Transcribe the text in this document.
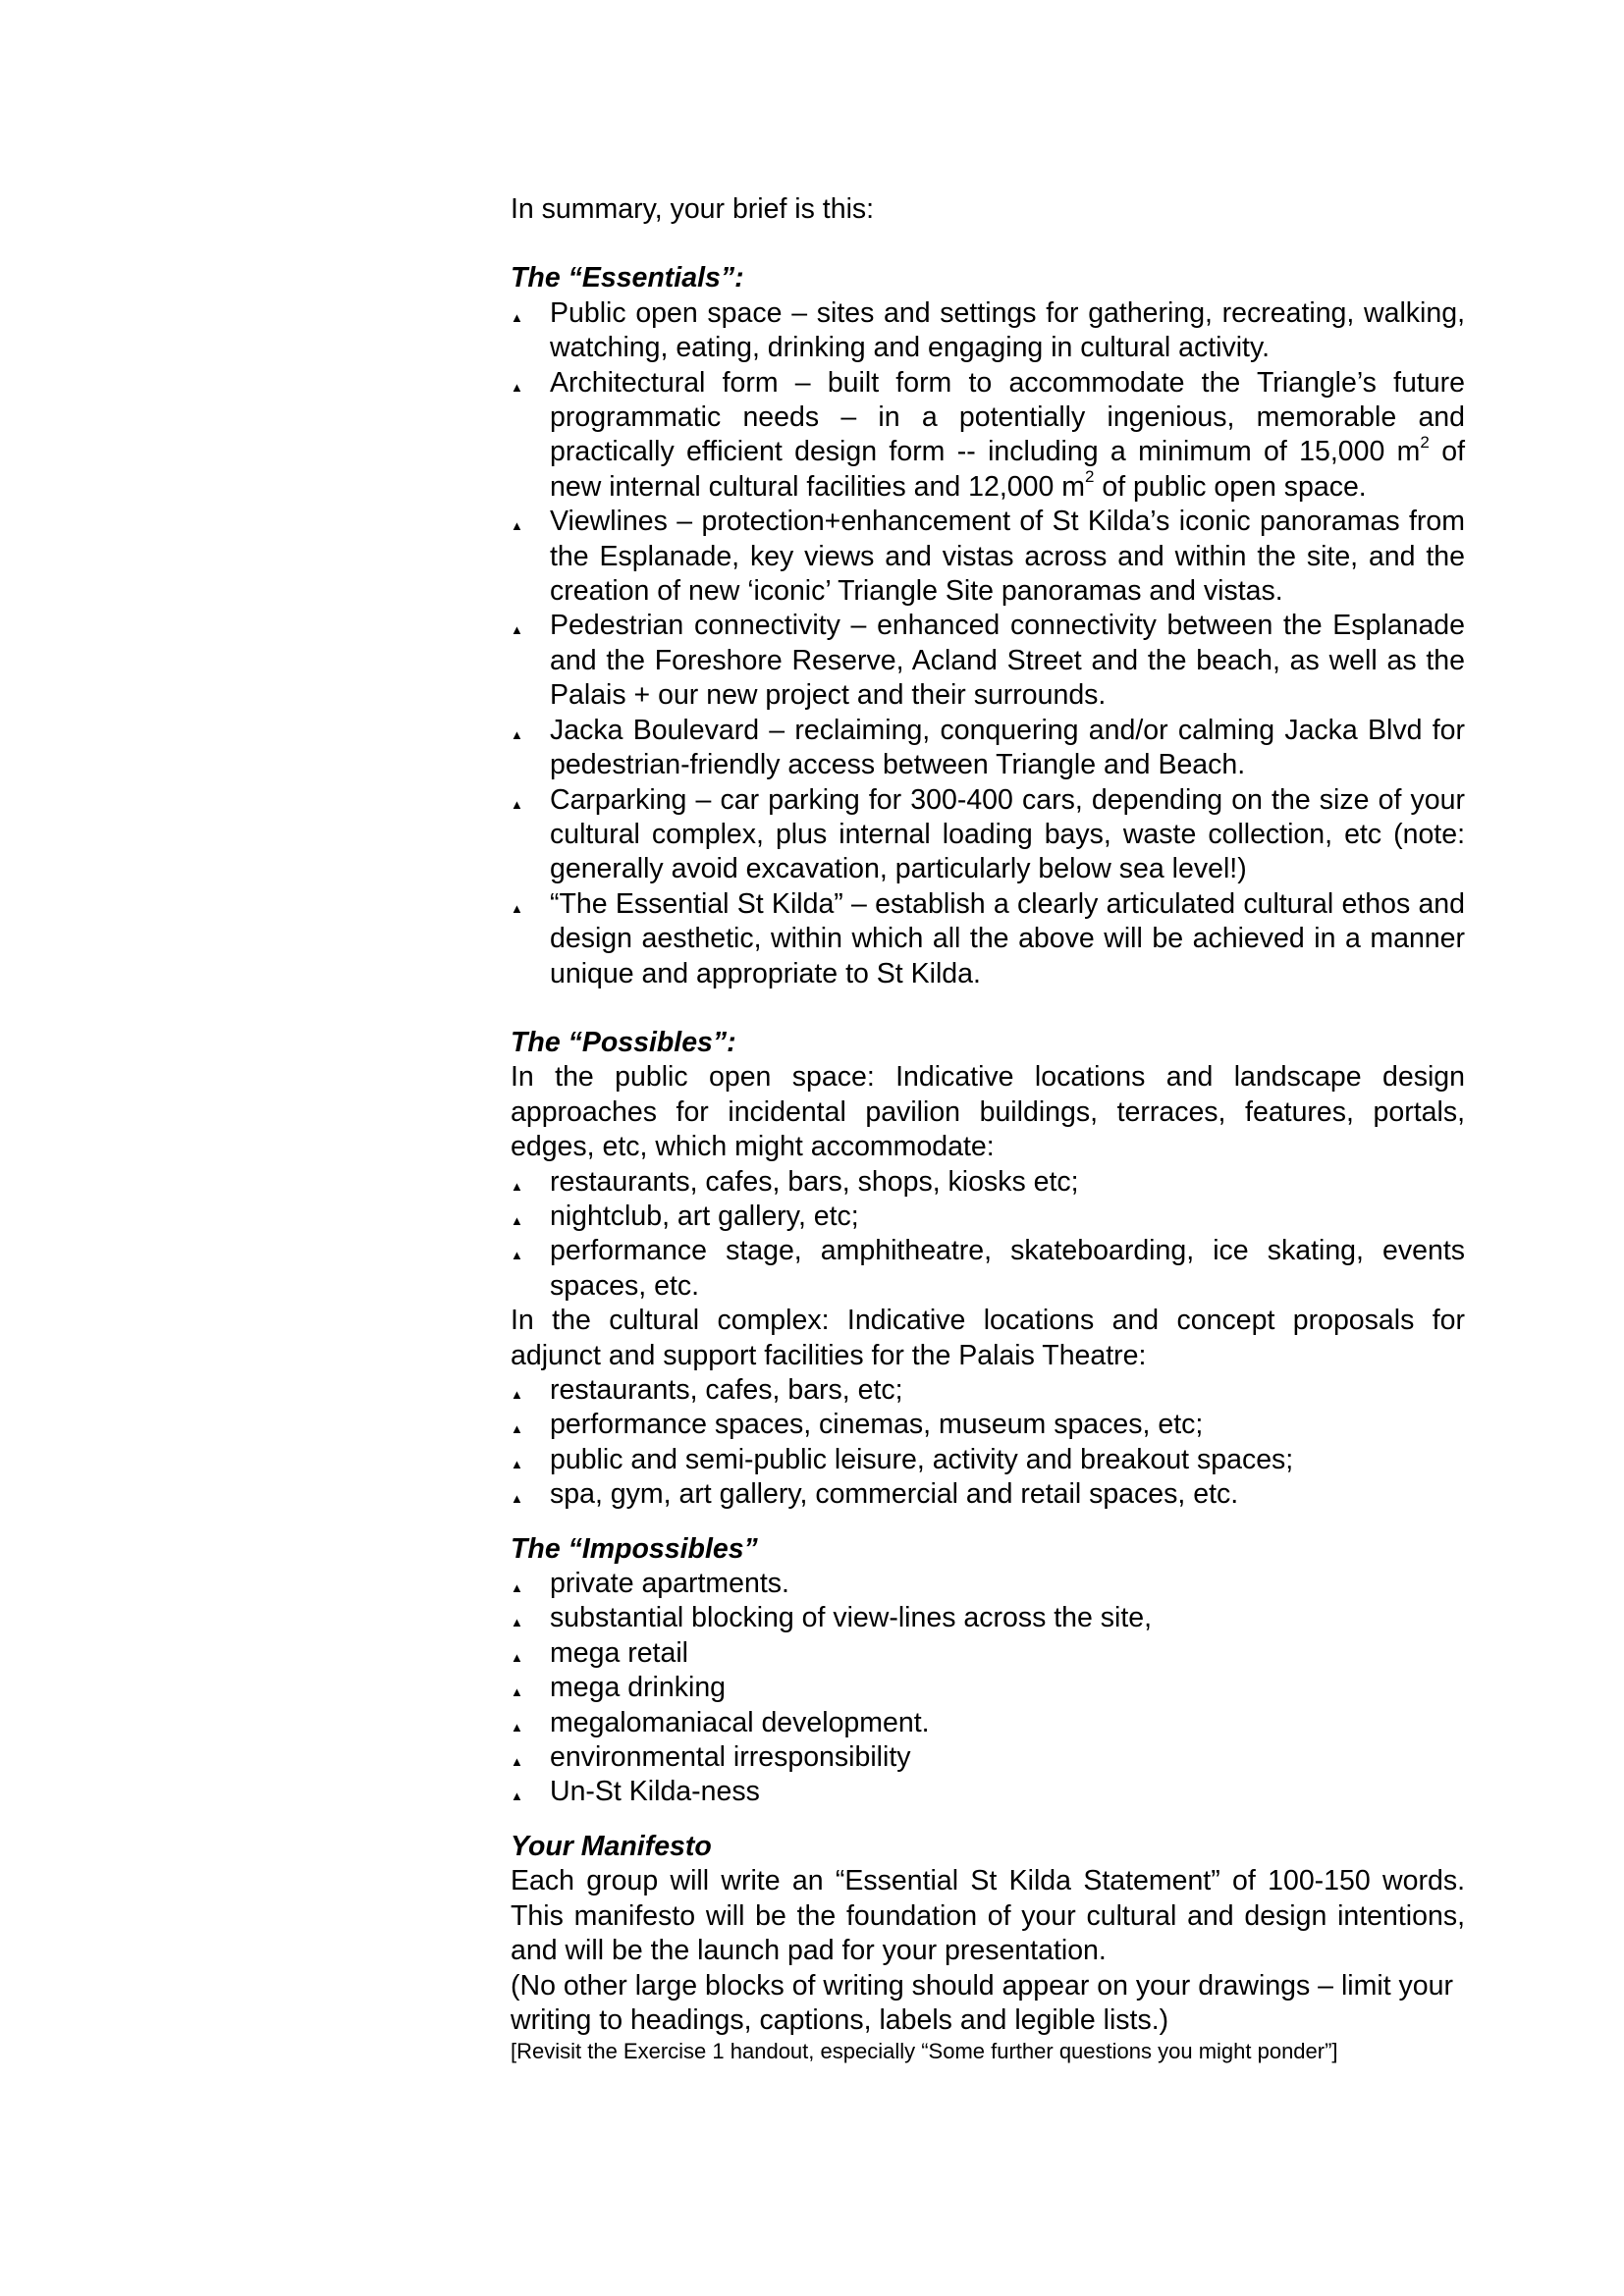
In summary, your brief is this:

The “Essentials”:

▲ Public open space – sites and settings for gathering, recreating, walking, watching, eating, drinking and engaging in cultural activity.
▲ Architectural form – built form to accommodate the Triangle’s future programmatic needs – in a potentially ingenious, memorable and practically efficient design form -- including a minimum of 15,000 $m^2$ of new internal cultural facilities and 12,000 $m^2$ of public open space.
▲ Viewlines – protection+enhancement of St Kilda’s iconic panoramas from the Esplanade, key views and vistas across and within the site, and the creation of new ‘iconic’ Triangle Site panoramas and vistas.
▲ Pedestrian connectivity – enhanced connectivity between the Esplanade and the Foreshore Reserve, Acland Street and the beach, as well as the Palais + our new project and their surrounds.
▲ Jacka Boulevard – reclaiming, conquering and/or calming Jacka Blvd for pedestrian-friendly access between Triangle and Beach.
▲ Carparking – car parking for 300-400 cars, depending on the size of your cultural complex, plus internal loading bays, waste collection, etc (note: generally avoid excavation, particularly below sea level!)
▲ “The Essential St Kilda” – establish a clearly articulated cultural ethos and design aesthetic, within which all the above will be achieved in a manner unique and appropriate to St Kilda.

The “Possibles”:

In the public open space: Indicative locations and landscape design approaches for incidental pavilion buildings, terraces, features, portals, edges, etc, which might accommodate:

▲ restaurants, cafes, bars, shops, kiosks etc;
▲ nightclub, art gallery, etc;
▲ performance stage, amphitheatre, skateboarding, ice skating, events spaces, etc.

In the cultural complex: Indicative locations and concept proposals for adjunct and support facilities for the Palais Theatre:

▲ restaurants, cafes, bars, etc;
▲ performance spaces, cinemas, museum spaces, etc;
▲ public and semi-public leisure, activity and breakout spaces;
▲ spa, gym, art gallery, commercial and retail spaces, etc.

The “Impossibles”

▲ private apartments.
▲ substantial blocking of view-lines across the site,
▲ mega retail
▲ mega drinking
▲ megalomaniacal development.
▲ environmental irresponsibility
▲ Un-St Kilda-ness

Your Manifesto

Each group will write an “Essential St Kilda Statement” of 100-150 words. This manifesto will be the foundation of your cultural and design intentions, and will be the launch pad for your presentation.

(No other large blocks of writing should appear on your drawings – limit your writing to headings, captions, labels and legible lists.)

[Revisit the Exercise 1 handout, especially “Some further questions you might ponder”]
